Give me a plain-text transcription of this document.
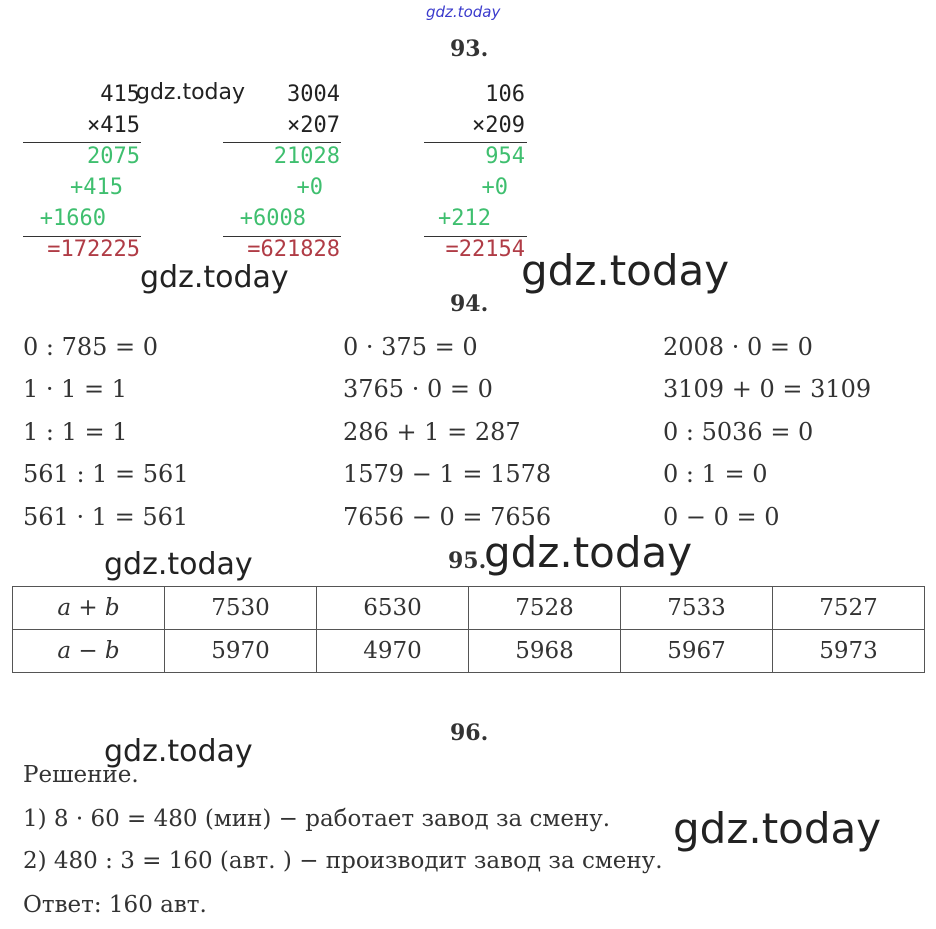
gdz.today
93.
415
×415
2075
+415
+1660
=172225
3004
×207
21028
+0
+6008
=621828
106
×209
954
+0
+212
=22154
gdz.today
gdz.today	gdz.today
94.
0 : 785 = 0
1 · 1 = 1
1 : 1 = 1
561 : 1 = 561
561 · 1 = 561
0 · 375 = 0
3765 · 0 = 0
286 + 1 = 287
1579 − 1 = 1578
7656 − 0 = 7656
2008 · 0 = 0
3109 + 0 = 3109
0 : 5036 = 0
0 : 1 = 0
0 − 0 = 0
gdz.today	95.
gdz.today
a + b	7530	6530	7528	7533	7527
a − b	5970	4970	5968	5967	5973
96.
gdz.today
Решение.
1) 8 · 60 = 480 (мин) − работает завод за смену.
2) 480 : 3 = 160 (авт. ) − производит завод за смену.
Ответ: 160 авт.
gdz.today
